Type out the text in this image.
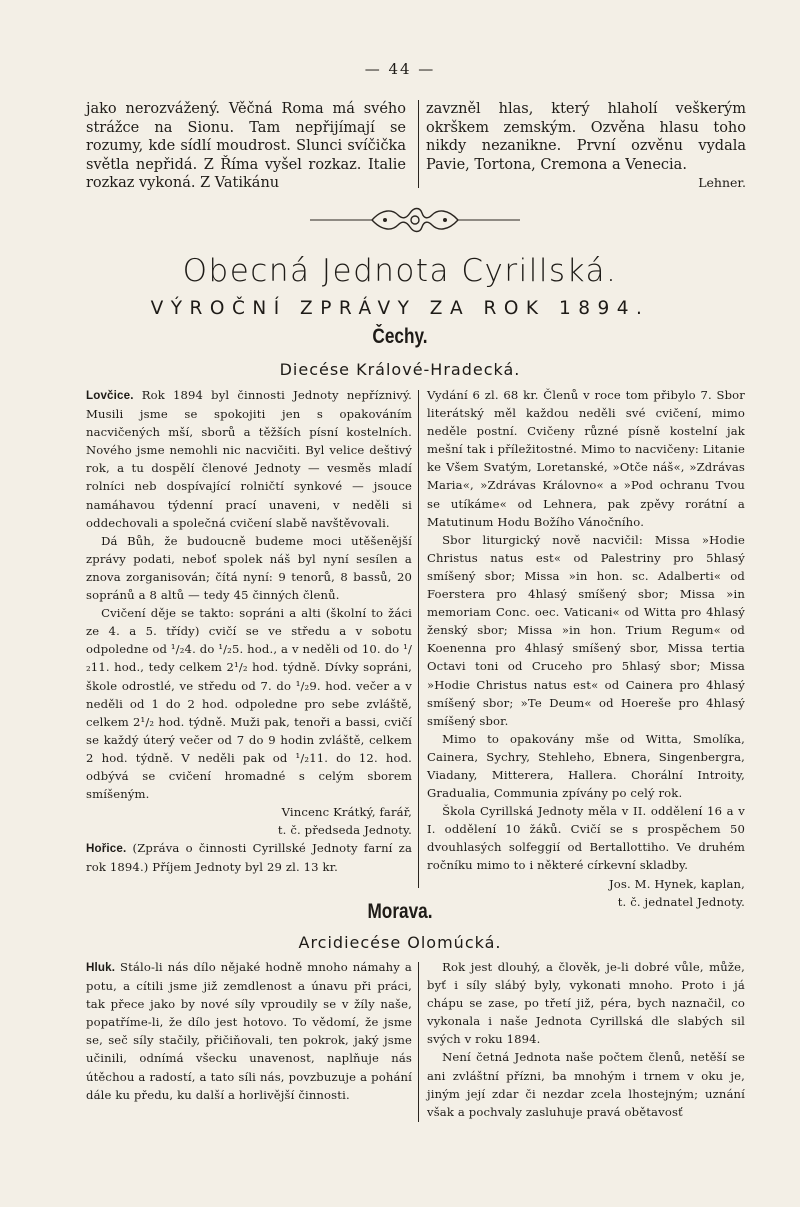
— 44 —
jako nerozvážený. Věčná Roma má svého strážce na Sionu. Tam nepřijímají se rozumy, kde sídlí moudrost. Slunci svíčička světla nepřidá. Z Říma vyšel rozkaz. Italie rozkaz vykoná. Z Vatikánu
zavzněl hlas, který hlaholí veškerým okrškem zemským. Ozvěna hlasu toho nikdy nezanikne. První ozvěnu vydala Pavie, Tortona, Cremona a Venecia.
Lehner.
Obecná Jednota Cyrillská.
VÝROČNÍ ZPRÁVY ZA ROK 1894.
Čechy.
Diecése Králové-Hradecká.

Lovčice. Rok 1894 byl činnosti Jednoty nepříznivý. Musili jsme se spokojiti jen s opakováním nacvičených mší, sborů a těžších písní kostelních. Nového jsme nemohli nic nacvičiti. Byl velice deštivý rok, a tu dospělí členové Jednoty — vesměs mladí rolníci neb dospívající rolničtí synkové — jsouce namáhavou týdenní prací unaveni, v neděli si oddechovali a společná cvičení slabě navštěvovali.

Dá Bůh, že budoucně budeme moci utěšenější zprávy podati, neboť spolek náš byl nyní sesílen a znova zorganisován; čítá nyní: 9 tenorů, 8 bassů, 20 sopránů a 8 altů — tedy 45 činných členů.

Cvičení děje se takto: sopráni a alti (školní to žáci ze 4. a 5. třídy) cvičí se ve středu a v sobotu odpoledne od ¹/₂4. do ¹/₂5. hod., a v neděli od 10. do ¹/₂11. hod., tedy celkem 2¹/₂ hod. týdně. Dívky sopráni, škole odrostlé, ve středu od 7. do ¹/₂9. hod. večer a v neděli od 1 do 2 hod. odpoledne pro sebe zvláště, celkem 2¹/₂ hod. týdně. Muži pak, tenoři a bassi, cvičí se každý úterý večer od 7 do 9 hodin zvláště, celkem 2 hod. týdně. V neděli pak od ¹/₂11. do 12. hod. odbývá se cvičení hromadné s celým sborem smíšeným.

Vincenc Krátký, farář,

t. č. předseda Jednoty.

Hořice. (Zpráva o činnosti Cyrillské Jednoty farní za rok 1894.) Příjem Jednoty byl 29 zl. 13 kr.

Vydání 6 zl. 68 kr. Členů v roce tom přibylo 7. Sbor literátský měl každou neděli své cvičení, mimo neděle postní. Cvičeny různé písně kostelní jak mešní tak i příležitostné. Mimo to nacvičeny: Litanie ke Všem Svatým, Loretanské, »Otče náš«, »Zdrávas Maria«, »Zdrávas Královno« a »Pod ochranu Tvou se utíkáme« od Lehnera, pak zpěvy rorátní a Matutinum Hodu Božího Vánočního.

Sbor liturgický nově nacvičil: Missa »Hodie Christus natus est« od Palestriny pro 5hlasý smíšený sbor; Missa »in hon. sc. Adalberti« od Foerstera pro 4hlasý smíšený sbor; Missa »in memoriam Conc. oec. Vaticani« od Witta pro 4hlasý ženský sbor; Missa »in hon. Trium Regum« od Koenenna pro 4hlasý smíšený sbor, Missa tertia Octavi toni od Cruceho pro 5hlasý sbor; Missa »Hodie Christus natus est« od Cainera pro 4hlasý smíšený sbor; »Te Deum« od Hoereše pro 4hlasý smíšený sbor.

Mimo to opakovány mše od Witta, Smolíka, Cainera, Sychry, Stehleho, Ebnera, Singenbergra, Viadany, Mitterera, Hallera. Chorální Introity, Gradualia, Communia zpívány po celý rok.

Škola Cyrillská Jednoty měla v II. oddělení 16 a v I. oddělení 10 žáků. Cvičí se s prospěchem 50 dvouhlasých solfeggií od Bertallottiho. Ve druhém ročníku mimo to i některé církevní skladby.

Jos. M. Hynek, kaplan,

t. č. jednatel Jednoty.

Morava.
Arcidiecése Olomúcká.

Hluk. Stálo-li nás dílo nějaké hodně mnoho námahy a potu, a cítili jsme již zemdlenost a únavu při práci, tak přece jako by nové síly vproudily se v žíly naše, popatříme-li, že dílo jest hotovo. To vědomí, že jsme se, seč síly stačily, přičiňovali, ten pokrok, jaký jsme učinili, odnímá všecku unavenost, naplňuje nás útěchou a radostí, a tato síli nás, povzbuzuje a pohání dále ku předu, ku další a horlivější činnosti.

Rok jest dlouhý, a člověk, je-li dobré vůle, může, byť i síly slábý byly, vykonati mnoho. Proto i já chápu se zase, po třetí již, péra, bych naznačil, co vykonala i naše Jednota Cyrillská dle slabých sil svých v roku 1894.

Není četná Jednota naše počtem členů, netěší se ani zvláštní přízni, ba mnohým i trnem v oku je, jiným její zdar či nezdar zcela lhostejným; uznání však a pochvaly zasluhuje pravá obětavosť
